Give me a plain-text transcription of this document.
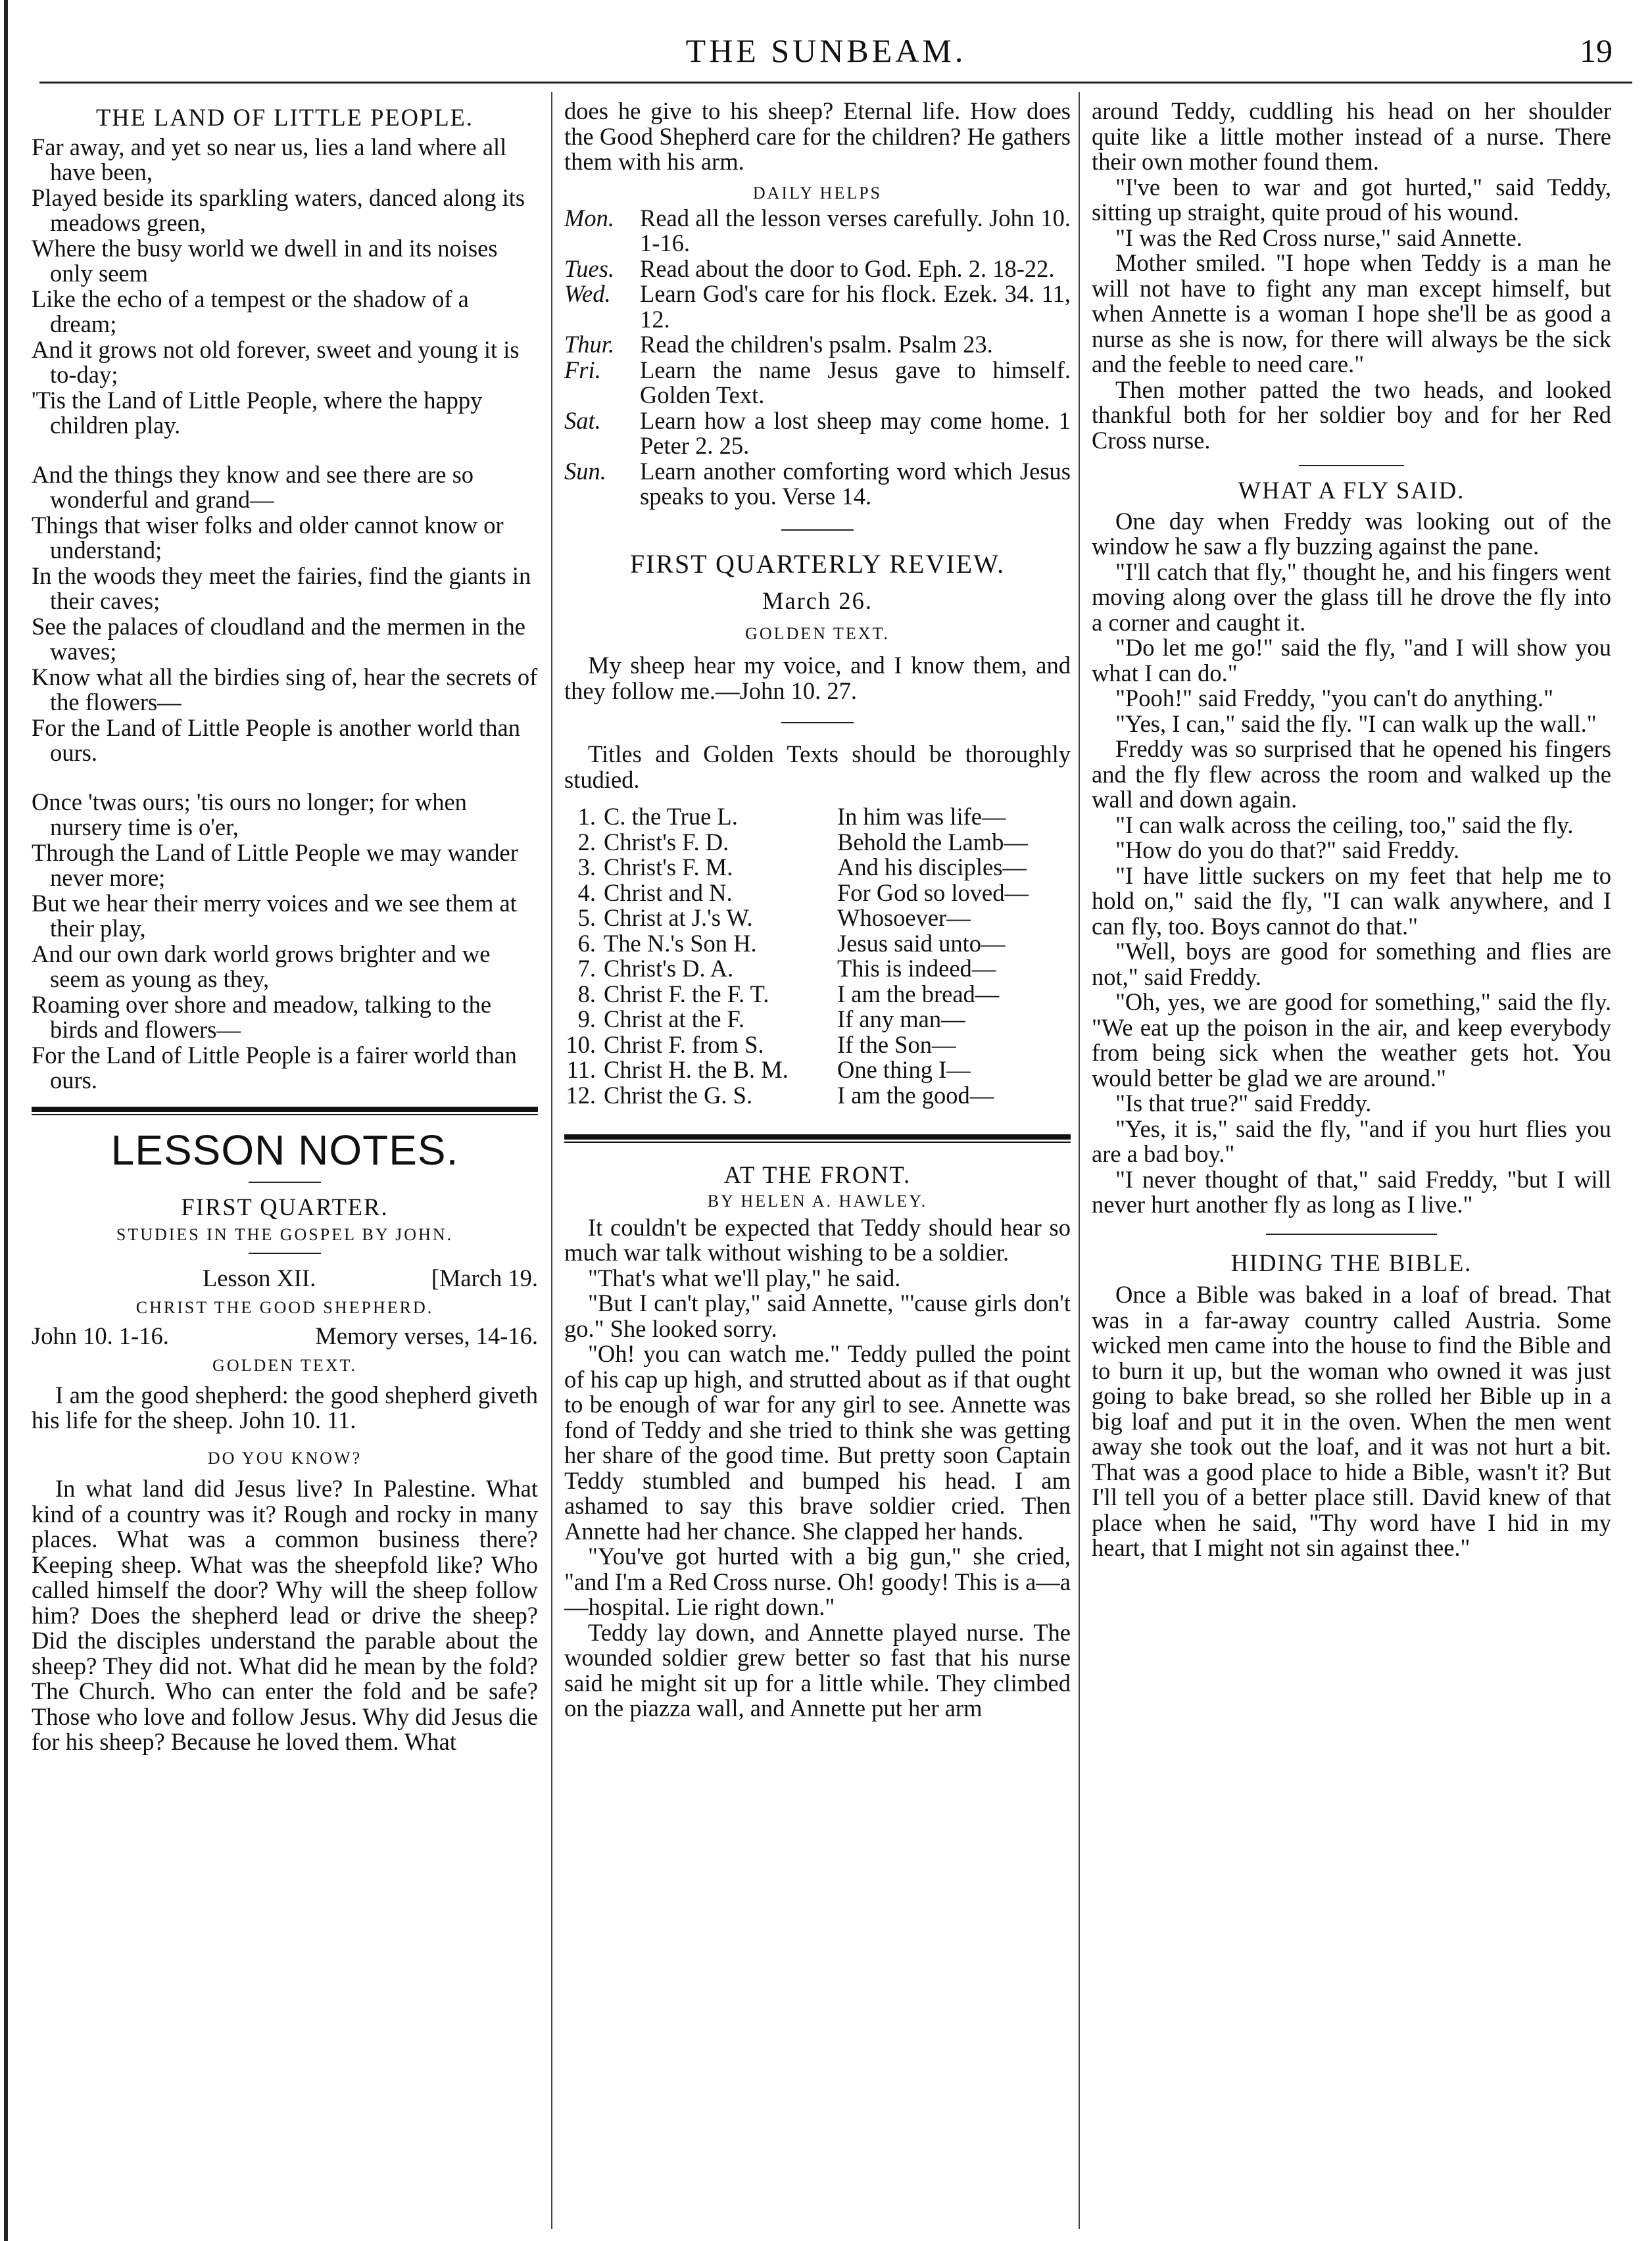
THE SUNBEAM.	19

THE LAND OF LITTLE PEOPLE.

Far away, and yet so near us, lies a land where all have been,

Played beside its sparkling waters, danced along its meadows green,

Where the busy world we dwell in and its noises only seem

Like the echo of a tempest or the shadow of a dream;

And it grows not old forever, sweet and young it is to-day;

'Tis the Land of Little People, where the happy children play.

And the things they know and see there are so wonderful and grand—

Things that wiser folks and older cannot know or understand;

In the woods they meet the fairies, find the giants in their caves;

See the palaces of cloudland and the mermen in the waves;

Know what all the birdies sing of, hear the secrets of the flowers—

For the Land of Little People is another world than ours.

Once 'twas ours; 'tis ours no longer; for when nursery time is o'er,

Through the Land of Little People we may wander never more;

But we hear their merry voices and we see them at their play,

And our own dark world grows brighter and we seem as young as they,

Roaming over shore and meadow, talking to the birds and flowers—

For the Land of Little People is a fairer world than ours.

LESSON NOTES.

FIRST QUARTER.

STUDIES IN THE GOSPEL BY JOHN.

Lesson XII.	[March 19.

CHRIST THE GOOD SHEPHERD.

John 10. 1-16.	Memory verses, 14-16.

GOLDEN TEXT.

I am the good shepherd: the good shepherd giveth his life for the sheep. John 10. 11.

DO YOU KNOW?

In what land did Jesus live? In Palestine. What kind of a country was it? Rough and rocky in many places. What was a common business there? Keeping sheep. What was the sheepfold like? Who called himself the door? Why will the sheep follow him? Does the shepherd lead or drive the sheep? Did the disciples understand the parable about the sheep? They did not. What did he mean by the fold? The Church. Who can enter the fold and be safe? Those who love and follow Jesus. Why did Jesus die for his sheep? Because he loved them. What

does he give to his sheep? Eternal life. How does the Good Shepherd care for the children? He gathers them with his arm.

DAILY HELPS

Mon.	Read all the lesson verses carefully. John 10. 1-16.

Tues.	Read about the door to God. Eph. 2. 18-22.

Wed.	Learn God's care for his flock. Ezek. 34. 11, 12.

Thur.	Read the children's psalm. Psalm 23.

Fri.	Learn the name Jesus gave to himself. Golden Text.

Sat.	Learn how a lost sheep may come home. 1 Peter 2. 25.

Sun.	Learn another comforting word which Jesus speaks to you. Verse 14.

FIRST QUARTERLY REVIEW.

March 26.

GOLDEN TEXT.

My sheep hear my voice, and I know them, and they follow me.—John 10. 27.

Titles and Golden Texts should be thoroughly studied.

1. C. the True L.	In him was life—

2. Christ's F. D.	Behold the Lamb—

3. Christ's F. M.	And his disciples—

4. Christ and N.	For God so loved—

5. Christ at J.'s W.	Whosoever—

6. The N.'s Son H.	Jesus said unto—

7. Christ's D. A.	This is indeed—

8. Christ F. the F. T.	I am the bread—

9. Christ at the F.	If any man—

10. Christ F. from S.	If the Son—

11. Christ H. the B. M.	One thing I—

12. Christ the G. S.	I am the good—

AT THE FRONT.

BY HELEN A. HAWLEY.

It couldn't be expected that Teddy should hear so much war talk without wishing to be a soldier.

"That's what we'll play," he said.

"But I can't play," said Annette, "'cause girls don't go." She looked sorry.

"Oh! you can watch me." Teddy pulled the point of his cap up high, and strutted about as if that ought to be enough of war for any girl to see. Annette was fond of Teddy and she tried to think she was getting her share of the good time. But pretty soon Captain Teddy stumbled and bumped his head. I am ashamed to say this brave soldier cried. Then Annette had her chance. She clapped her hands.

"You've got hurted with a big gun," she cried, "and I'm a Red Cross nurse. Oh! goody! This is a—a—hospital. Lie right down."

Teddy lay down, and Annette played nurse. The wounded soldier grew better so fast that his nurse said he might sit up for a little while. They climbed on the piazza wall, and Annette put her arm

around Teddy, cuddling his head on her shoulder quite like a little mother instead of a nurse. There their own mother found them.

"I've been to war and got hurted," said Teddy, sitting up straight, quite proud of his wound.

"I was the Red Cross nurse," said Annette.

Mother smiled. "I hope when Teddy is a man he will not have to fight any man except himself, but when Annette is a woman I hope she'll be as good a nurse as she is now, for there will always be the sick and the feeble to need care."

Then mother patted the two heads, and looked thankful both for her soldier boy and for her Red Cross nurse.

WHAT A FLY SAID.

One day when Freddy was looking out of the window he saw a fly buzzing against the pane.

"I'll catch that fly," thought he, and his fingers went moving along over the glass till he drove the fly into a corner and caught it.

"Do let me go!" said the fly, "and I will show you what I can do."

"Pooh!" said Freddy, "you can't do anything."

"Yes, I can," said the fly. "I can walk up the wall."

Freddy was so surprised that he opened his fingers and the fly flew across the room and walked up the wall and down again.

"I can walk across the ceiling, too," said the fly.

"How do you do that?" said Freddy.

"I have little suckers on my feet that help me to hold on," said the fly, "I can walk anywhere, and I can fly, too. Boys cannot do that."

"Well, boys are good for something and flies are not," said Freddy.

"Oh, yes, we are good for something," said the fly. "We eat up the poison in the air, and keep everybody from being sick when the weather gets hot. You would better be glad we are around."

"Is that true?" said Freddy.

"Yes, it is," said the fly, "and if you hurt flies you are a bad boy."

"I never thought of that," said Freddy, "but I will never hurt another fly as long as I live."

HIDING THE BIBLE.

Once a Bible was baked in a loaf of bread. That was in a far-away country called Austria. Some wicked men came into the house to find the Bible and to burn it up, but the woman who owned it was just going to bake bread, so she rolled her Bible up in a big loaf and put it in the oven. When the men went away she took out the loaf, and it was not hurt a bit. That was a good place to hide a Bible, wasn't it? But I'll tell you of a better place still. David knew of that place when he said, "Thy word have I hid in my heart, that I might not sin against thee."
